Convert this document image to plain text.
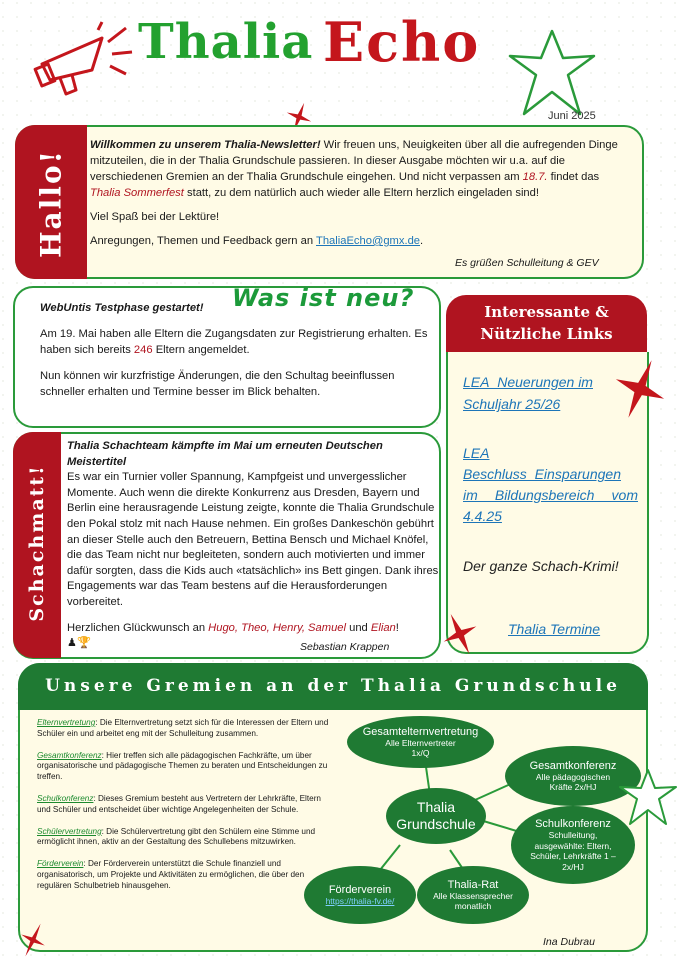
Thalia Echo
Juni 2025
Hallo!

Willkommen zu unserem Thalia-Newsletter! Wir freuen uns, Neuigkeiten über all die aufregenden Dinge mitzuteilen, die in der Thalia Grundschule passieren. In dieser Ausgabe möchten wir u.a. auf die verschiedenen Gremien an der Thalia Grundschule eingehen. Und nicht verpassen am 18.7. findet das Thalia Sommerfest statt, zu dem natürlich auch wieder alle Eltern herzlich eingeladen sind!

Viel Spaß bei der Lektüre!

Anregungen, Themen und Feedback gern an ThaliaEcho@gmx.de.

Es grüßen Schulleitung & GEV
Was ist neu?

WebUntis Testphase gestartet!

Am 19. Mai haben alle Eltern die Zugangsdaten zur Registrierung erhalten. Es haben sich bereits 246 Eltern angemeldet.

Nun können wir kurzfristige Änderungen, die den Schultag beeinflussen schneller erhalten und Termine besser im Blick behalten.

Schachmatt!

Thalia Schachteam kämpfte im Mai um erneuten Deutschen Meistertitel

Es war ein Turnier voller Spannung, Kampfgeist und unvergesslicher Momente. Auch wenn die direkte Konkurrenz aus Dresden, Bayern und Berlin eine herausragende Leistung zeigte, konnte die Thalia Grundschule den Pokal stolz mit nach Hause nehmen. Ein großes Dankeschön gebührt an dieser Stelle auch den Betreuern, Bettina Bensch und Michael Knöfel, die das Team nicht nur begleiteten, sondern auch motivierten und immer dafür sorgten, dass die Kids auch «tatsächlich» ins Bett gingen. Dank ihres Engagements war das Team bestens auf die Herausforderungen vorbereitet.

Herzlichen Glückwunsch an Hugo, Theo, Henry, Samuel und Elian!

♟🏆	Sebastian Krappen
Interessante & Nützliche Links
LEA_Neuerungen im Schuljahr 25/26
LEA Beschluss_Einsparungen im Bildungsbereich vom 4.4.25
Der ganze Schach-Krimi!
Thalia Termine
Unsere Gremien an der Thalia Grundschule

Elternvertretung: Die Elternvertretung setzt sich für die Interessen der Eltern und Schüler ein und arbeitet eng mit der Schulleitung zusammen.

Gesamtkonferenz: Hier treffen sich alle pädagogischen Fachkräfte, um über organisatorische und pädagogische Themen zu beraten und Entscheidungen zu treffen.

Schulkonferenz: Dieses Gremium besteht aus Vertretern der Lehrkräfte, Eltern und Schüler und entscheidet über wichtige Angelegenheiten der Schule.

Schülervertretung: Die Schülervertretung gibt den Schülern eine Stimme und ermöglicht ihnen, aktiv an der Gestaltung des Schullebens mitzuwirken.

Förderverein: Der Förderverein unterstützt die Schule finanziell und organisatorisch, um Projekte und Aktivitäten zu ermöglichen, die über den regulären Schulbetrieb hinausgehen.

Gesamtelternvertretung
Alle Elternvertreter 1x/Q
Gesamtkonferenz
Alle pädagogischen Kräfte 2x/HJ
Thalia Grundschule	Schulkonferenz
Schulleitung, ausgewählte: Eltern, Schüler, Lehrkräfte 1 – 2x/HJ
Förderverein
https://thalia-fv.de/
Thalia-Rat
Alle Klassensprecher monatlich
Ina Dubrau
